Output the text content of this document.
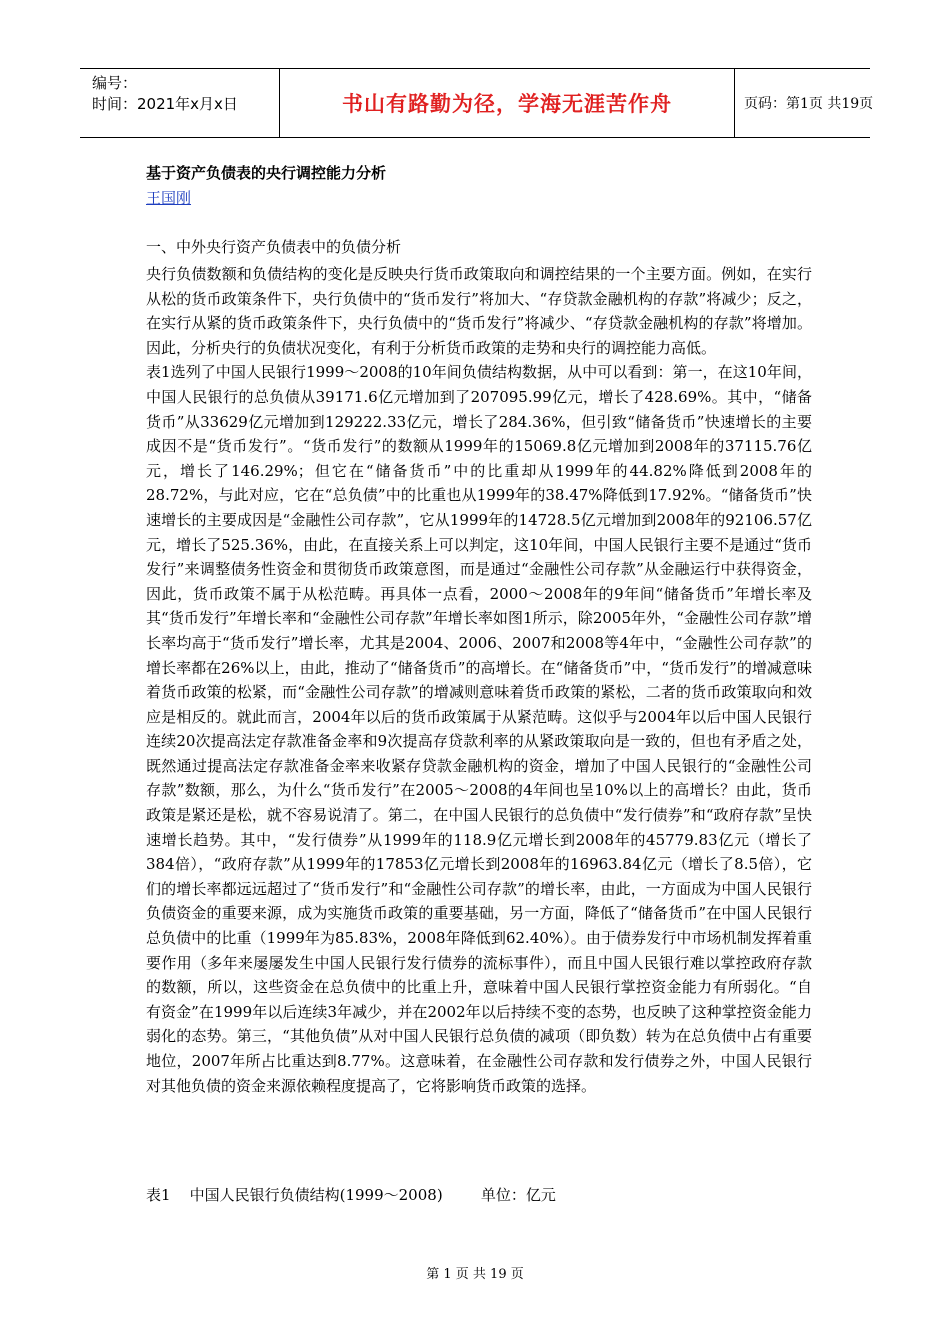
编号：
时间：2021年x月x日	书山有路勤为径，学海无涯苦作舟	页码：第1页 共19页
基于资产负债表的央行调控能力分析
王国刚
一、中外央行资产负债表中的负债分析

央行负债数额和负债结构的变化是反映央行货币政策取向和调控结果的一个主要方面。例如，在实行从松的货币政策条件下，央行负债中的“货币发行”将加大、“存贷款金融机构的存款”将减少；反之，在实行从紧的货币政策条件下，央行负债中的“货币发行”将减少、“存贷款金融机构的存款”将增加。因此，分析央行的负债状况变化，有利于分析货币政策的走势和央行的调控能力高低。

表1选列了中国人民银行1999～2008的10年间负债结构数据，从中可以看到：第一，在这10年间，中国人民银行的总负债从39171.6亿元增加到了207095.99亿元，增长了428.69%。其中，“储备货币”从33629亿元增加到129222.33亿元，增长了284.36%，但引致“储备货币”快速增长的主要成因不是“货币发行”。“货币发行”的数额从1999年的15069.8亿元增加到2008年的37115.76亿元，增长了146.29%；但它在“储备货币”中的比重却从1999年的44.82%降低到2008年的28.72%，与此对应，它在“总负债”中的比重也从1999年的38.47%降低到17.92%。“储备货币”快速增长的主要成因是“金融性公司存款”，它从1999年的14728.5亿元增加到2008年的92106.57亿元，增长了525.36%，由此，在直接关系上可以判定，这10年间，中国人民银行主要不是通过“货币发行”来调整债务性资金和贯彻货币政策意图，而是通过“金融性公司存款”从金融运行中获得资金，因此，货币政策不属于从松范畴。再具体一点看，2000～2008年的9年间“储备货币”年增长率及其“货币发行”年增长率和“金融性公司存款”年增长率如图1所示，除2005年外，“金融性公司存款”增长率均高于“货币发行”增长率，尤其是2004、2006、2007和2008等4年中，“金融性公司存款”的增长率都在26%以上，由此，推动了“储备货币”的高增长。在“储备货币”中，“货币发行”的增减意味着货币政策的松紧，而“金融性公司存款”的增减则意味着货币政策的紧松，二者的货币政策取向和效应是相反的。就此而言，2004年以后的货币政策属于从紧范畴。这似乎与2004年以后中国人民银行连续20次提高法定存款准备金率和9次提高存贷款利率的从紧政策取向是一致的，但也有矛盾之处，既然通过提高法定存款准备金率来收紧存贷款金融机构的资金，增加了中国人民银行的“金融性公司存款”数额，那么，为什么“货币发行”在2005～2008的4年间也呈10%以上的高增长？由此，货币政策是紧还是松，就不容易说清了。第二，在中国人民银行的总负债中“发行债券”和“政府存款”呈快速增长趋势。其中，“发行债券”从1999年的118.9亿元增长到2008年的45779.83亿元（增长了384倍），“政府存款”从1999年的17853亿元增长到2008年的16963.84亿元（增长了8.5倍），它们的增长率都远远超过了“货币发行”和“金融性公司存款”的增长率，由此，一方面成为中国人民银行负债资金的重要来源，成为实施货币政策的重要基础，另一方面，降低了“储备货币”在中国人民银行总负债中的比重（1999年为85.83%，2008年降低到62.40%）。由于债券发行中市场机制发挥着重要作用（多年来屡屡发生中国人民银行发行债券的流标事件），而且中国人民银行难以掌控政府存款的数额，所以，这些资金在总负债中的比重上升，意味着中国人民银行掌控资金能力有所弱化。“自有资金”在1999年以后连续3年减少，并在2002年以后持续不变的态势，也反映了这种掌控资金能力弱化的态势。第三，“其他负债”从对中国人民银行总负债的减项（即负数）转为在总负债中占有重要地位，2007年所占比重达到8.77%。这意味着，在金融性公司存款和发行债券之外，中国人民银行对其他负债的资金来源依赖程度提高了，它将影响货币政策的选择。

表1    中国人民银行负债结构(1999～2008)        单位：亿元
第 1 页 共 19 页
